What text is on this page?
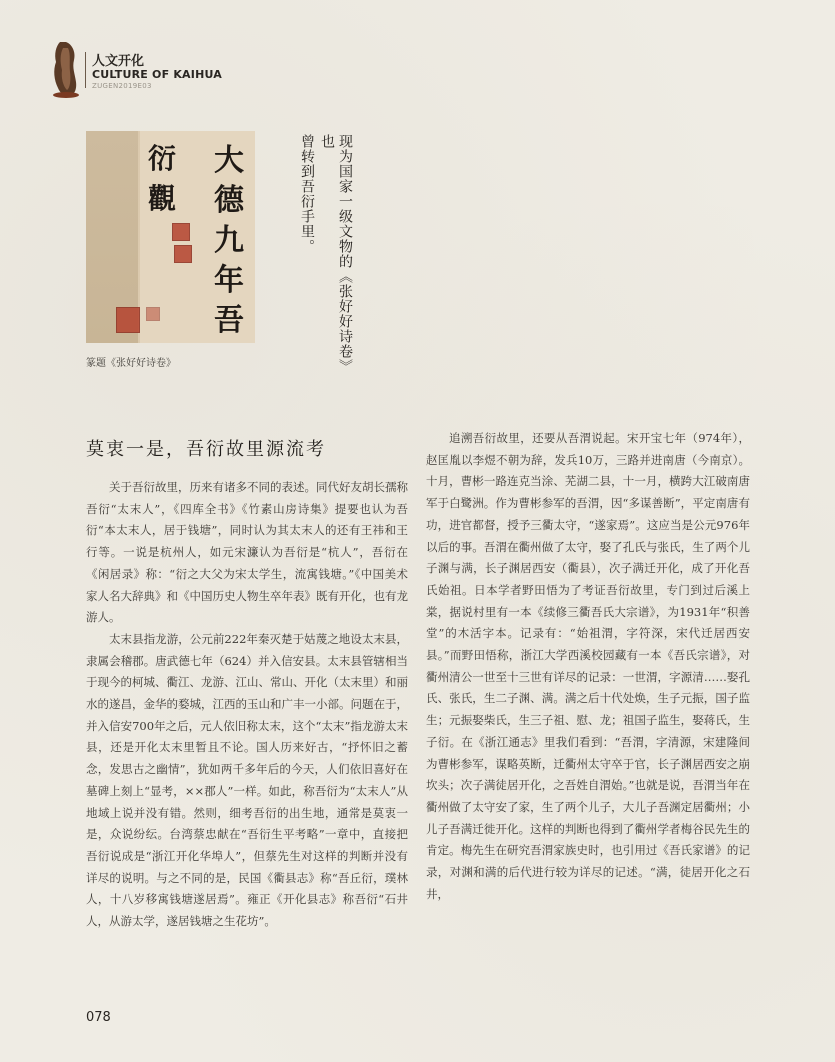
人文开化
CULTURE OF KAIHUA
ZUGEN2019E03
大
德
九
年
吾
衍
觀
篆题《张好好诗卷》	现为国家一级文物的《张好好诗卷》也
曾转到吾衍手里。
莫衷一是，吾衍故里源流考

关于吾衍故里，历来有诸多不同的表述。同代好友胡长孺称吾衍“太末人”，《四库全书》《竹素山房诗集》提要也认为吾衍“本太末人，居于钱塘”，同时认为其太末人的还有王祎和王行等。一说是杭州人，如元宋濂认为吾衍是“杭人”，吾衍在《闲居录》称：“衍之大父为宋太学生，流寓钱塘。”《中国美术家人名大辞典》和《中国历史人物生卒年表》既有开化，也有龙游人。

太末县指龙游，公元前222年秦灭楚于姑蔑之地设太末县，隶属会稽郡。唐武德七年（624）并入信安县。太末县管辖相当于现今的柯城、衢江、龙游、江山、常山、开化（太末里）和丽水的遂昌，金华的婺城，江西的玉山和广丰一小部。问题在于，并入信安700年之后，元人依旧称太末，这个“太末”指龙游太末县，还是开化太末里暂且不论。国人历来好古，“抒怀旧之蓄念，发思古之幽情”，犹如两千多年后的今天，人们依旧喜好在墓碑上刻上“显考，××郡人”一样。如此，称吾衍为“太末人”从地域上说并没有错。然则，细考吾衍的出生地，通常是莫衷一是，众说纷纭。台湾蔡忠献在“吾衍生平考略”一章中，直接把吾衍说成是“浙江开化华埠人”，但蔡先生对这样的判断并没有详尽的说明。与之不同的是，民国《衢县志》称“吾丘衍，璞林人，十八岁移寓钱塘遂居焉”。雍正《开化县志》称吾衍“石井人，从游太学，遂居钱塘之生花坊”。

追溯吾衍故里，还要从吾渭说起。宋开宝七年（974年），赵匡胤以李煜不朝为辞，发兵10万，三路并进南唐（今南京）。十月，曹彬一路连克当涂、芜湖二县，十一月，横跨大江破南唐军于白鹭洲。作为曹彬参军的吾渭，因“多谋善断”，平定南唐有功，进官都督，授予三衢太守，“遂家焉”。这应当是公元976年以后的事。吾渭在衢州做了太守，娶了孔氏与张氏，生了两个儿子渊与满，长子渊居西安（衢县），次子满迁开化，成了开化吾氏始祖。日本学者野田悟为了考证吾衍故里，专门到过后溪上棠，据说村里有一本《续修三衢吾氏大宗谱》，为1931年“积善堂”的木活字本。记录有：“始祖渭，字符深，宋代迁居西安县。”而野田悟称，浙江大学西溪校园藏有一本《吾氏宗谱》，对衢州清公一世至十三世有详尽的记录：一世渭，字源清……娶孔氏、张氏，生二子渊、满。满之后十代处焕，生子元振，国子监生；元振娶柴氏，生三子祖、慰、龙；祖国子监生，娶蒋氏，生子衍。在《浙江通志》里我们看到：“吾渭，字清源，宋建隆间为曹彬参军，谋略英断，迁衢州太守卒于官，长子渊居西安之崩坎头；次子满徒居开化，之吾姓自渭始。”也就是说，吾渭当年在衢州做了太守安了家，生了两个儿子，大儿子吾渊定居衢州；小儿子吾满迁徙开化。这样的判断也得到了衢州学者梅谷民先生的肯定。梅先生在研究吾渭家族史时，也引用过《吾氏家谱》的记录，对渊和满的后代进行较为详尽的记述。“满，徒居开化之石井，

078
